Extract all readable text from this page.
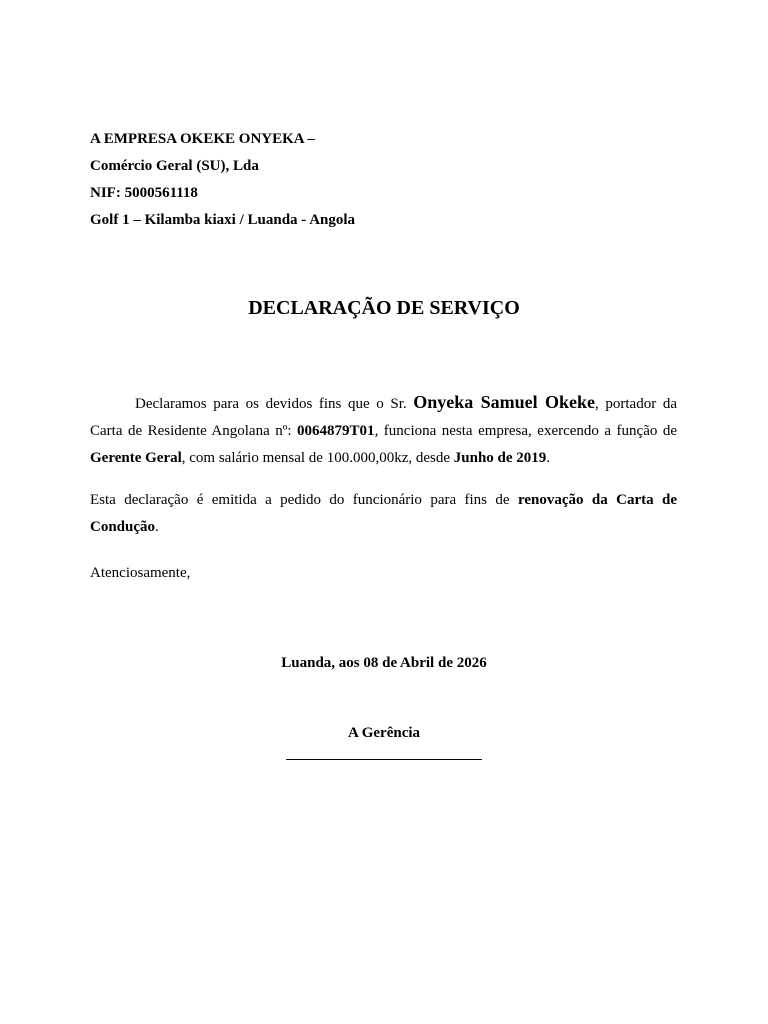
A EMPRESA OKEKE ONYEKA –
Comércio Geral (SU), Lda
NIF: 5000561118
Golf 1 – Kilamba kiaxi / Luanda - Angola
DECLARAÇÃO DE SERVIÇO
Declaramos para os devidos fins que o Sr. Onyeka Samuel Okeke, portador da Carta de Residente Angolana nº: 0064879T01, funciona nesta empresa, exercendo a função de Gerente Geral, com salário mensal de 100.000,00kz, desde Junho de 2019.
Esta declaração é emitida a pedido do funcionário para fins de renovação da Carta de Condução.
Atenciosamente,
Luanda, aos 08 de Abril de 2026
A Gerência
